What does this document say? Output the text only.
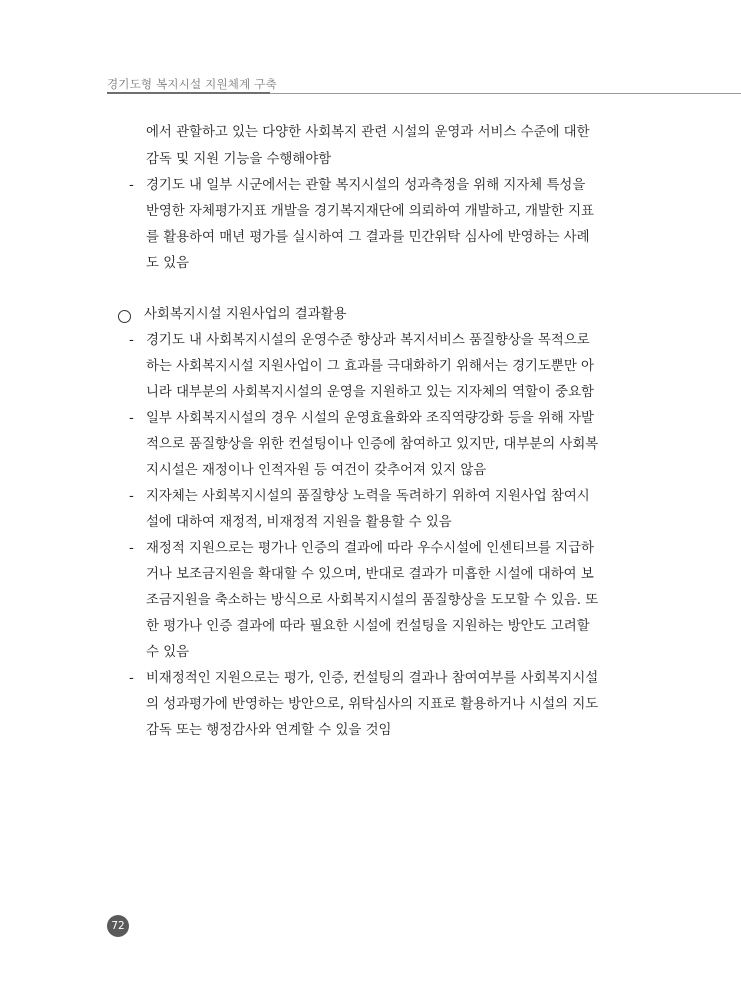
경기도형 복지시설 지원체계 구축
에서 관할하고 있는 다양한 사회복지 관련 시설의 운영과 서비스 수준에 대한
감독 및 지원 기능을 수행해야함
- 경기도 내 일부 시군에서는 관할 복지시설의 성과측정을 위해 지자체 특성을
반영한 자체평가지표 개발을 경기복지재단에 의뢰하여 개발하고, 개발한 지표
를 활용하여 매년 평가를 실시하여 그 결과를 민간위탁 심사에 반영하는 사례
도 있음
사회복지시설 지원사업의 결과활용
- 경기도 내 사회복지시설의 운영수준 향상과 복지서비스 품질향상을 목적으로
하는 사회복지시설 지원사업이 그 효과를 극대화하기 위해서는 경기도뿐만 아
니라 대부분의 사회복지시설의 운영을 지원하고 있는 지자체의 역할이 중요함
- 일부 사회복지시설의 경우 시설의 운영효율화와 조직역량강화 등을 위해 자발
적으로 품질향상을 위한 컨설팅이나 인증에 참여하고 있지만, 대부분의 사회복
지시설은 재정이나 인적자원 등 여건이 갖추어져 있지 않음
- 지자체는 사회복지시설의 품질향상 노력을 독려하기 위하여 지원사업 참여시
설에 대하여 재정적, 비재정적 지원을 활용할 수 있음
- 재정적 지원으로는 평가나 인증의 결과에 따라 우수시설에 인센티브를 지급하
거나 보조금지원을 확대할 수 있으며, 반대로 결과가 미흡한 시설에 대하여 보
조금지원을 축소하는 방식으로 사회복지시설의 품질향상을 도모할 수 있음. 또
한 평가나 인증 결과에 따라 필요한 시설에 컨설팅을 지원하는 방안도 고려할
수 있음
- 비재정적인 지원으로는 평가, 인증, 컨설팅의 결과나 참여여부를 사회복지시설
의 성과평가에 반영하는 방안으로, 위탁심사의 지표로 활용하거나 시설의 지도
감독 또는 행정감사와 연계할 수 있을 것임
72
